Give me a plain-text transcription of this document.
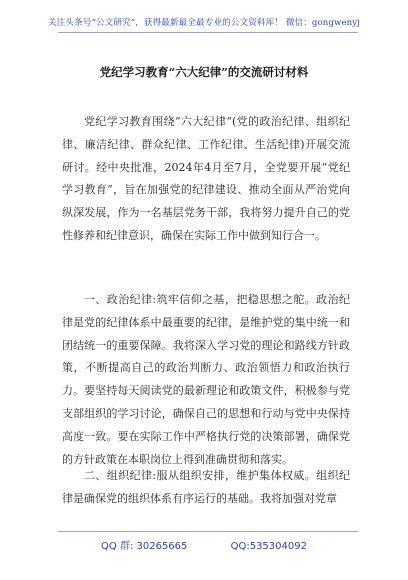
关注头条号“公文研究”，获得最新最全最专业的公文资料库！ 微信：gongwenyj
党纪学习教育“六大纪律”的交流研讨材料

党纪学习教育围绕“六大纪律“(党的政治纪律、组织纪律、廉洁纪律、群众纪律、工作纪律、生活纪律)开展交流研讨。经中央批准，2024年4月至7月，全党要开展“党纪学习教育”，旨在加强党的纪律建设、推动全面从严治党向纵深发展，作为一名基层党务干部，我将努力提升自己的党性修养和纪律意识，确保在实际工作中做到知行合一。

一、政治纪律:筑牢信仰之基，把稳思想之舵。政治纪律是党的纪律体系中最重要的纪律，是维护党的集中统一和团结统一的重要保障。我将深入学习党的理论和路线方针政策，不断提高自己的政治判断力、政治领悟力和政治执行力。要坚持每天阅读党的最新理论和政策文件，积极参与党支部组织的学习讨论，确保自己的思想和行动与党中央保持高度一致。要在实际工作中严格执行党的决策部署，确保党的方针政策在本职岗位上得到准确贯彻和落实。

二、组织纪律:服从组织安排，维护集体权威。组织纪律是确保党的组织体系有序运行的基础。我将加强对党章

QQ 群: 30265665	QQ:535304092
